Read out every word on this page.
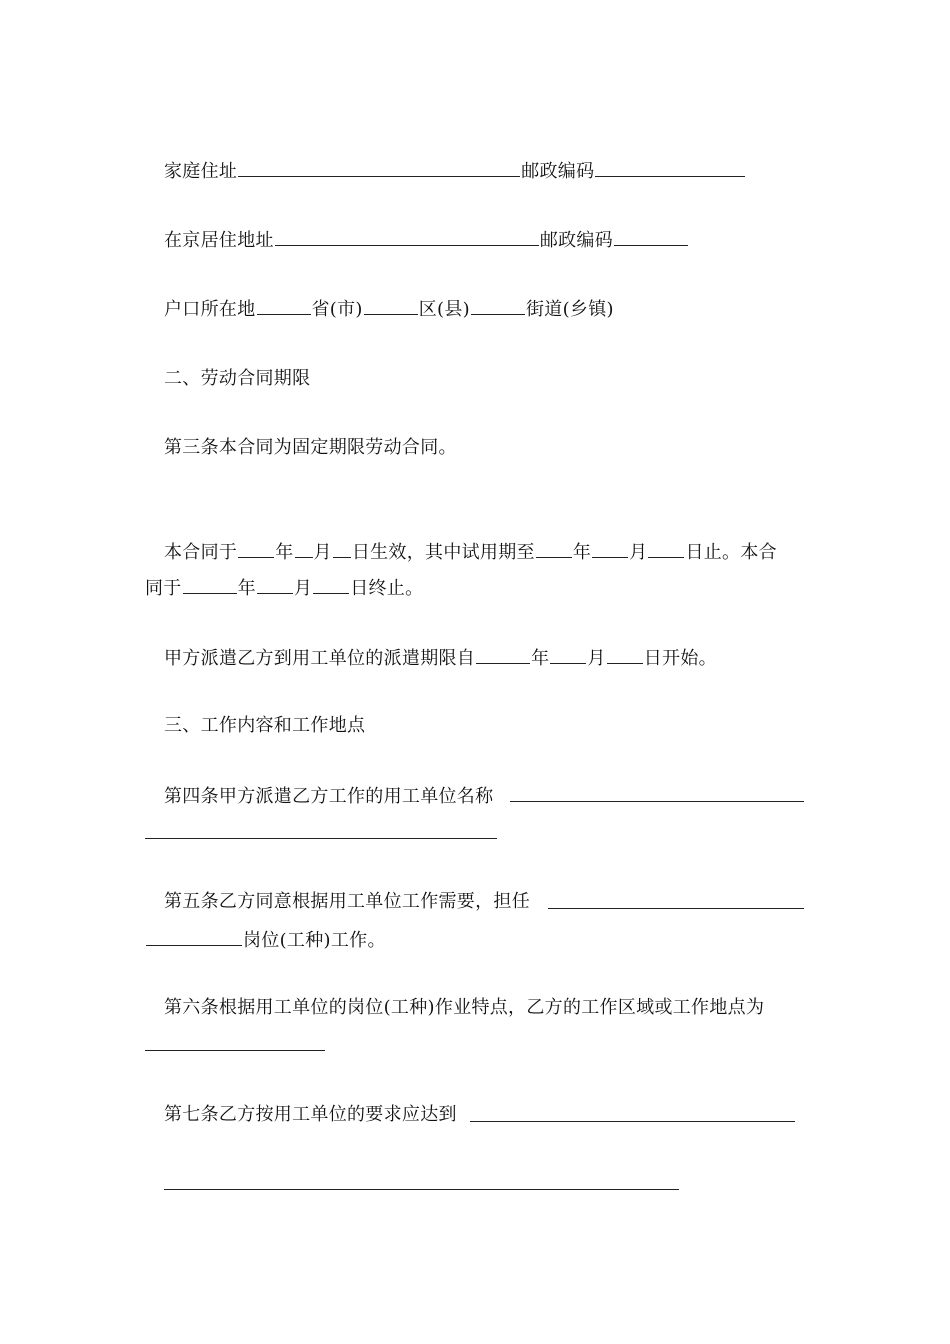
家庭住址	邮政编码
在京居住地址	邮政编码
户口所在地	省(市)	区(县)	街道(乡镇)
二、劳动合同期限
第三条本合同为固定期限劳动合同。
本合同于 年 月 日生效，其中试用期至 年 月 日止。本合
同于	年 月 日终止。
甲方派遣乙方到用工单位的派遣期限自	年 月 日开始。
三、工作内容和工作地点
第四条甲方派遣乙方工作的用工单位名称
第五条乙方同意根据用工单位工作需要，担任
岗位(工种)工作。
第六条根据用工单位的岗位(工种)作业特点，乙方的工作区域或工作地点为
第七条乙方按用工单位的要求应达到
